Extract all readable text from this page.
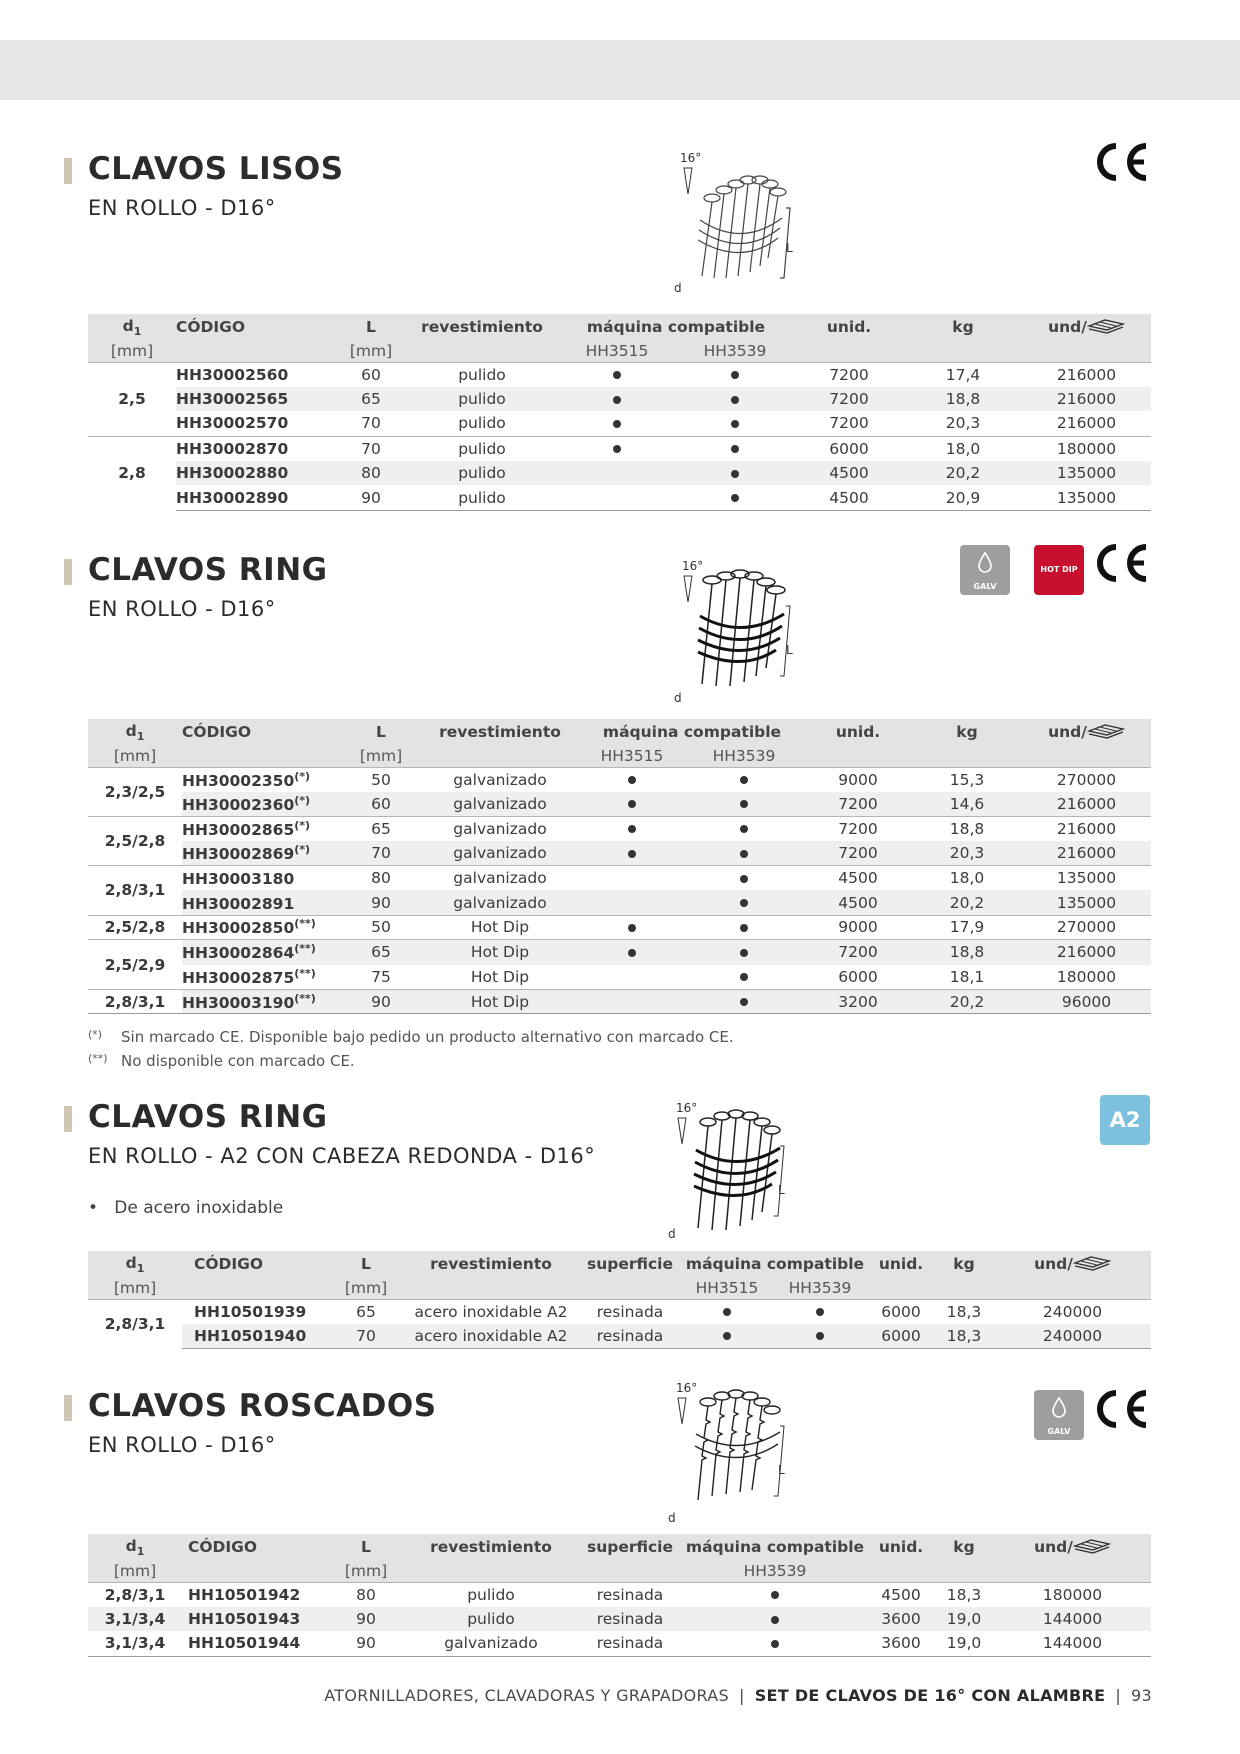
CLAVOS LISOS
EN ROLLO - D16°
16°
L
d
$d_1$	CÓDIGO	L	revestimiento	máquina compatible		unid.	kg	und/
[mm]		[mm]		HH3515	HH3539			
2,5	HH30002560	60	pulido			7200	17,4	216000
	HH30002565	65	pulido			7200	18,8	216000
	HH30002570	70	pulido			7200	20,3	216000
2,8	HH30002870	70	pulido			6000	18,0	180000
	HH30002880	80	pulido			4500	20,2	135000
	HH30002890	90	pulido			4500	20,9	135000
CLAVOS RING
EN ROLLO - D16°
16°
L
d
GALV
HOT DIP
$d_1$	CÓDIGO	L	revestimiento	máquina compatible		unid.	kg	und/
[mm]		[mm]		HH3515	HH3539			
2,3/2,5	HH30002350(*)	50	galvanizado			9000	15,3	270000
	HH30002360(*)	60	galvanizado			7200	14,6	216000
2,5/2,8	HH30002865(*)	65	galvanizado			7200	18,8	216000
	HH30002869(*)	70	galvanizado			7200	20,3	216000
2,8/3,1	HH30003180	80	galvanizado			4500	18,0	135000
	HH30002891	90	galvanizado			4500	20,2	135000
2,5/2,8	HH30002850(**)	50	Hot Dip			9000	17,9	270000
2,5/2,9	HH30002864(**)	65	Hot Dip			7200	18,8	216000
	HH30002875(**)	75	Hot Dip			6000	18,1	180000
2,8/3,1	HH30003190(**)	90	Hot Dip			3200	20,2	96000
(*) Sin marcado CE. Disponible bajo pedido un producto alternativo con marcado CE.
(**) No disponible con marcado CE.
CLAVOS RING
EN ROLLO - A2 CON CABEZA REDONDA - D16°
•   De acero inoxidable
16°
L
d
A2
$d_1$	CÓDIGO	L	revestimiento	superficie	máquina compatible		unid.	kg	und/
[mm]		[mm]			HH3515	HH3539			
2,8/3,1	HH10501939	65	acero inoxidable A2	resinada			6000	18,3	240000
	HH10501940	70	acero inoxidable A2	resinada			6000	18,3	240000
CLAVOS ROSCADOS
EN ROLLO - D16°
16°
L
d
GALV
$d_1$	CÓDIGO	L	revestimiento	superficie	máquina compatible	unid.	kg	und/
[mm]		[mm]			HH3539			
2,8/3,1	HH10501942	80	pulido	resinada		4500	18,3	180000
3,1/3,4	HH10501943	90	pulido	resinada		3600	19,0	144000
3,1/3,4	HH10501944	90	galvanizado	resinada		3600	19,0	144000
ATORNILLADORES, CLAVADORAS Y GRAPADORAS | SET DE CLAVOS DE 16° CON ALAMBRE | 93
